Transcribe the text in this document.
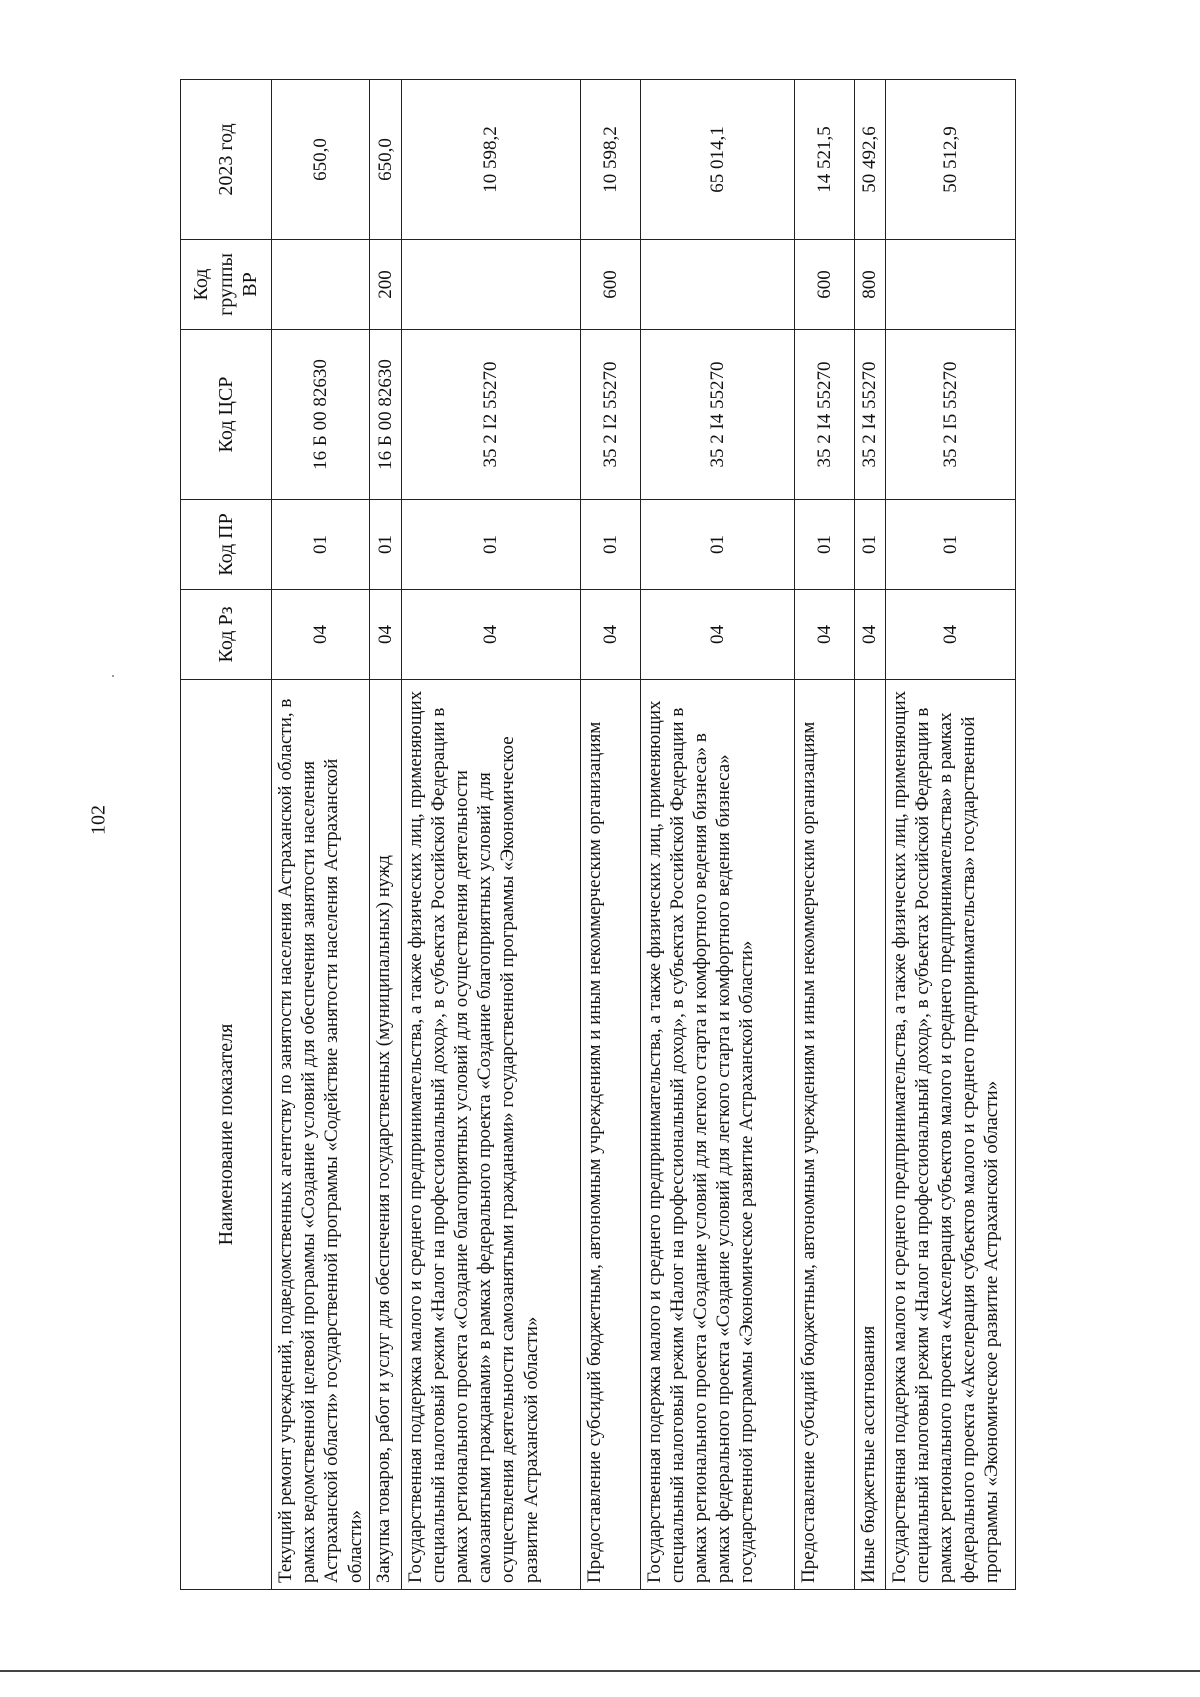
102
Наименование показателя	Код Рз	Код ПР	Код ЦСР	Код группы ВР	2023 год
Текущий ремонт учреждений, подведомственных агентству по занятости населения Астраханской области, в рамках ведомственной целевой программы «Создание условий для обеспечения занятости населения Астраханской области» государственной программы «Содействие занятости населения Астраханской области»	04	01	16 Б 00 82630		650,0
Закупка товаров, работ и услуг для обеспечения государственных (муниципальных) нужд	04	01	16 Б 00 82630	200	650,0
Государственная поддержка малого и среднего предпринимательства, а также физических лиц, применяющих специальный налоговый режим «Налог на профессиональный доход», в субъектах Российской Федерации в рамках регионального проекта «Создание благоприятных условий для осуществления деятельности самозанятыми гражданами» в рамках федерального проекта «Создание благоприятных условий для осуществления деятельности самозанятыми гражданами» государственной программы «Экономическое развитие Астраханской области»	04	01	35 2 I2 55270		10 598,2
Предоставление субсидий бюджетным, автономным учреждениям и иным некоммерческим организациям	04	01	35 2 I2 55270	600	10 598,2
Государственная подержка малого и среднего предпринимательства, а также физических лиц, применяющих специальный налоговый режим «Налог на профессиональный доход», в субъектах Российской Федерации в рамках регионального проекта «Создание условий для легкого старта и комфортного ведения бизнеса» в рамках федерального проекта «Создание условий для легкого старта и комфортного ведения бизнеса» государственной программы «Экономическое развитие Астраханской области»	04	01	35 2 I4 55270		65 014,1
Предоставление субсидий бюджетным, автономным учреждениям и иным некоммерческим организациям	04	01	35 2 I4 55270	600	14 521,5
Иные бюджетные ассигнования	04	01	35 2 I4 55270	800	50 492,6
Государственная поддержка малого и среднего предпринимательства, а также физических лиц, применяющих специальный налоговый режим «Налог на профессиональный доход», в субъектах Российской Федерации в рамках регионального проекта «Акселерация субъектов малого и среднего предпринимательства» в рамках федерального проекта «Акселерация субъектов малого и среднего предпринимательства» государственной программы «Экономическое развитие Астраханской области»	04	01	35 2 I5 55270		50 512,9
